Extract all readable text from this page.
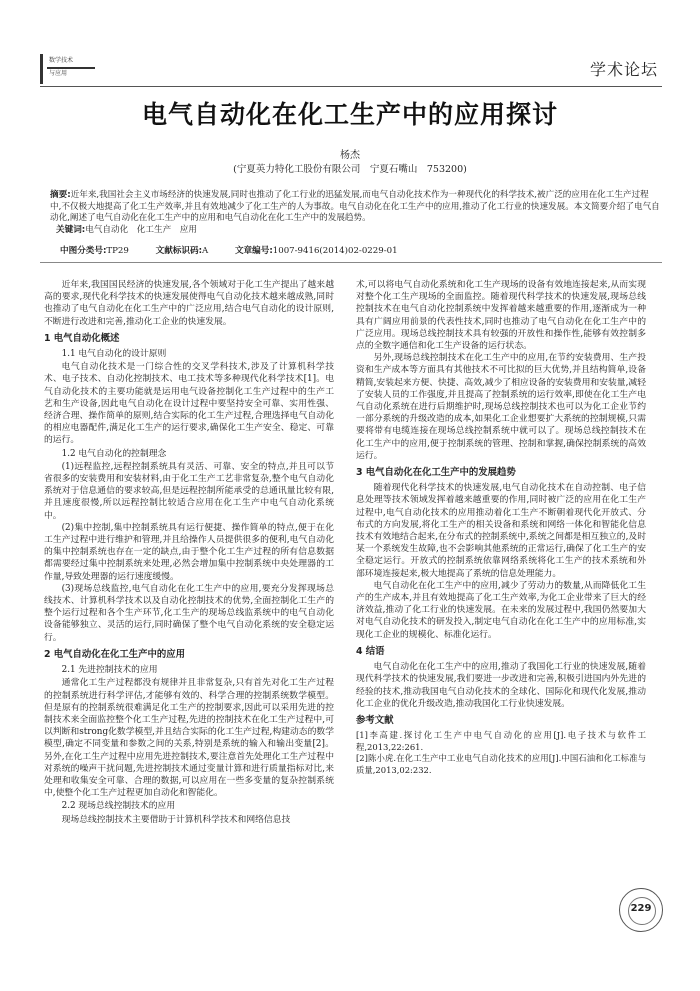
数学技术
与应用	学术论坛
电气自动化在化工生产中的应用探讨
杨杰
(宁夏英力特化工股份有限公司　宁夏石嘴山　753200)
摘要:近年来,我国社会主义市场经济的快速发展,同时也推动了化工行业的迅猛发展,而电气自动化技术作为一种现代化的科学技术,被广泛的应用在化工生产过程中,不仅极大地提高了化工生产效率,并且有效地减少了化工生产的人为事故。电气自动化在化工生产中的应用,推动了化工行业的快速发展。本文简要介绍了电气自动化,阐述了电气自动化在化工生产中的应用和电气自动化在化工生产中的发展趋势。
关键词:电气自动化　化工生产　应用
中图分类号:TP29	文献标识码:A	文章编号:1007-9416(2014)02-0229-01

近年来,我国国民经济的快速发展,各个领域对于化工生产提出了越来越高的要求,现代化科学技术的快速发展使得电气自动化技术越来越成熟,同时也推动了电气自动化在化工生产中的广泛应用,结合电气自动化的设计原则,不断进行改进和完善,推动化工企业的快速发展。

1 电气自动化概述
1.1 电气自动化的设计原则

电气自动化技术是一门综合性的交叉学科技术,涉及了计算机科学技术、电子技术、自动化控制技术、电工技术等多种现代化科学技术[1]。电气自动化技术的主要功能就是运用电气设备控制化工生产过程中的生产工艺和生产设备,因此电气自动化在设计过程中要坚持安全可靠、实用性强、经济合理、操作简单的原则,结合实际的化工生产过程,合理选择电气自动化的相应电器配件,满足化工生产的运行要求,确保化工生产安全、稳定、可靠的运行。

1.2 电气自动化的控制理念

(1)远程监控,远程控制系统具有灵活、可靠、安全的特点,并且可以节省很多的安装费用和安装材料,由于化工生产工艺非常复杂,整个电气自动化系统对于信息通信的要求较高,但是远程控制所能承受的总通讯量比较有限,并且速度很慢,所以远程控制比较适合应用在化工生产中电气自动化系统中。

(2)集中控制,集中控制系统具有运行便捷、操作简单的特点,便于在化工生产过程中进行维护和管理,并且给操作人员提供很多的便利,电气自动化的集中控制系统也存在一定的缺点,由于整个化工生产过程的所有信息数据都需要经过集中控制系统来处理,必然会增加集中控制系统中央处理器的工作量,导致处理器的运行速度缓慢。

(3)现场总线监控,电气自动化在化工生产中的应用,要充分发挥现场总线技术、计算机科学技术以及自动化控制技术的优势,全面控制化工生产的整个运行过程和各个生产环节,化工生产的现场总线监系统中的电气自动化设备能够独立、灵活的运行,同时确保了整个电气自动化系统的安全稳定运行。

2 电气自动化在化工生产中的应用
2.1 先进控制技术的应用

通常化工生产过程都没有规律并且非常复杂,只有首先对化工生产过程的控制系统进行科学评估,才能够有效的、科学合理的控制系统数学模型。但是原有的控制系统很难满足化工生产的控制要求,因此可以采用先进的控制技术来全面监控整个化工生产过程,先进的控制技术在化工生产过程中,可以判断和strong化数学模型,并且结合实际的化工生产过程,构建动态的数学模型,确定不同变量和参数之间的关系,特别是系统的输入和输出变量[2]。另外,在化工生产过程中应用先进控制技术,要注意首先处理化工生产过程中对系统的噪声干扰问题,先进控制技术通过变量计算和进行质量指标对比,来处理和收集安全可靠、合理的数据,可以应用在一些多变量的复杂控制系统中,使整个化工生产过程更加自动化和智能化。

2.2 现场总线控制技术的应用

现场总线控制技术主要借助于计算机科学技术和网络信息技

术,可以将电气自动化系统和化工生产现场的设备有效地连接起来,从而实现对整个化工生产现场的全面监控。随着现代科学技术的快速发展,现场总线控制技术在电气自动化控制系统中发挥着越来越重要的作用,逐渐成为一种具有广阔应用前景的代表性技术,同时也推动了电气自动化在化工生产中的广泛应用。现场总线控制技术具有较强的开放性和操作性,能够有效控制多点的全数字通信和化工生产设备的运行状态。

另外,现场总线控制技术在化工生产中的应用,在节约安装费用、生产投资和生产成本等方面具有其他技术不可比拟的巨大优势,并且结构简单,设备精简,安装起来方便、快捷、高效,减少了相应设备的安装费用和安装量,减轻了安装人员的工作强度,并且提高了控制系统的运行效率,即使在化工生产电气自动化系统在进行后期维护时,现场总线控制技术也可以为化工企业节约一部分系统的升级改造的成本,如果化工企业想要扩大系统的控制规模,只需要将带有电缆连接在现场总线控制系统中就可以了。现场总线控制技术在化工生产中的应用,便于控制系统的管理、控制和掌握,确保控制系统的高效运行。

3 电气自动化在化工生产中的发展趋势

随着现代化科学技术的快速发展,电气自动化技术在自动控制、电子信息处理等技术领域发挥着越来越重要的作用,同时被广泛的应用在化工生产过程中,电气自动化技术的应用推动着化工生产不断朝着现代化开放式、分布式的方向发展,将化工生产的相关设备和系统和网络一体化和智能化信息技术有效地结合起来,在分布式的控制系统中,系统之间都是相互独立的,及时某一个系统发生故障,也不会影响其他系统的正常运行,确保了化工生产的安全稳定运行。开放式的控制系统依靠网络系统将化工生产的技术系统和外部环境连接起来,极大地提高了系统的信息处理能力。

电气自动化在化工生产中的应用,减少了劳动力的数量,从而降低化工生产的生产成本,并且有效地提高了化工生产效率,为化工企业带来了巨大的经济效益,推动了化工行业的快速发展。在未来的发展过程中,我国仍然要加大对电气自动化技术的研发投入,制定电气自动化在化工生产中的应用标准,实现化工企业的规模化、标准化运行。

4 结语

电气自动化在化工生产中的应用,推动了我国化工行业的快速发展,随着现代科学技术的快速发展,我们要进一步改进和完善,积极引进国内外先进的经验的技术,推动我国电气自动化技术的全球化、国际化和现代化发展,推动化工企业的优化升级改造,推动我国化工行业快速发展。

参考文献

[1]李高建.探讨化工生产中电气自动化的应用[J].电子技术与软件工程,2013,22:261.

[2]陈小虎.在化工生产中工业电气自动化技术的应用[J].中国石油和化工标准与质量,2013,02:232.

229
